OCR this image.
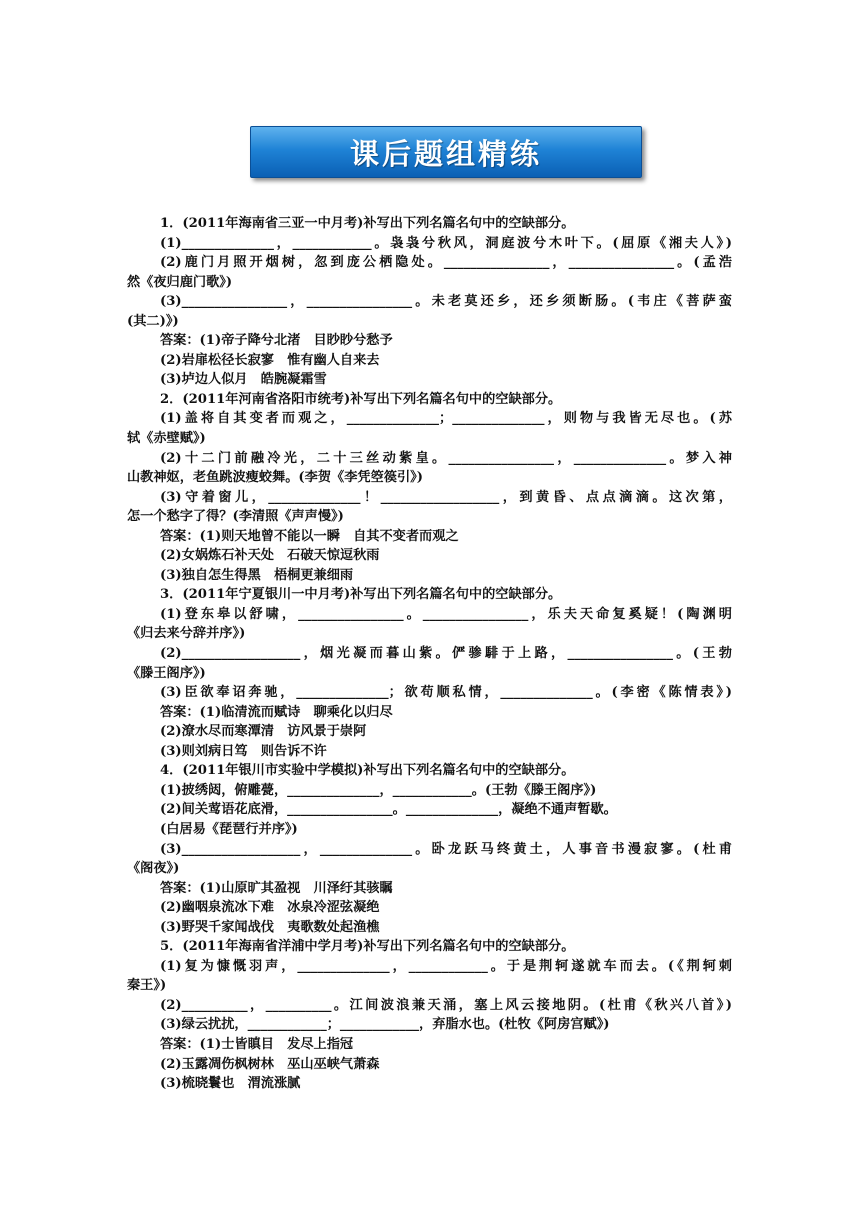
课后题组精练
1．(2011年海南省三亚一中月考)补写出下列名篇名句中的空缺部分。
(1)______________，____________。袅袅兮秋风，洞庭波兮木叶下。(屈原《湘夫人》)
(2)鹿门月照开烟树，忽到庞公栖隐处。________________，________________。(孟浩
然《夜归鹿门歌》)
(3)________________，________________。未老莫还乡，还乡须断肠。(韦庄《菩萨蛮
(其二)》)
答案：(1)帝子降兮北渚　目眇眇兮愁予
(2)岩扉松径长寂寥　惟有幽人自来去
(3)垆边人似月　皓腕凝霜雪
2．(2011年河南省洛阳市统考)补写出下列名篇名句中的空缺部分。
(1)盖将自其变者而观之，______________；______________，则物与我皆无尽也。(苏
轼《赤壁赋》)
(2)十二门前融冷光，二十三丝动紫皇。________________，______________。梦入神
山教神妪，老鱼跳波瘦蛟舞。(李贺《李凭箜篌引》)
(3)守着窗儿，______________！__________________，到黄昏、点点滴滴。这次第，
怎一个愁字了得？(李清照《声声慢》)
答案：(1)则天地曾不能以一瞬　自其不变者而观之
(2)女娲炼石补天处　石破天惊逗秋雨
(3)独自怎生得黑　梧桐更兼细雨
3．(2011年宁夏银川一中月考)补写出下列名篇名句中的空缺部分。
(1)登东皋以舒啸，________________。________________，乐夫天命复奚疑！(陶渊明
《归去来兮辞并序》)
(2)__________________，烟光凝而暮山紫。俨骖騑于上路，________________。(王勃
《滕王阁序》)
(3)臣欲奉诏奔驰，______________；欲苟顺私情，______________。(李密《陈情表》)
答案：(1)临清流而赋诗　聊乘化以归尽
(2)潦水尽而寒潭清　访风景于崇阿
(3)则刘病日笃　则告诉不许
4．(2011年银川市实验中学模拟)补写出下列名篇名句中的空缺部分。
(1)披绣闼，俯雕甍，______________，____________。(王勃《滕王阁序》)
(2)间关莺语花底滑，________________。______________，凝绝不通声暂歇。
(白居易《琵琶行并序》)
(3)__________________，______________。卧龙跃马终黄土，人事音书漫寂寥。(杜甫
《阁夜》)
答案：(1)山原旷其盈视　川泽纡其骇瞩
(2)幽咽泉流冰下难　冰泉冷涩弦凝绝
(3)野哭千家闻战伐　夷歌数处起渔樵
5．(2011年海南省洋浦中学月考)补写出下列名篇名句中的空缺部分。
(1)复为慷慨羽声，______________，____________。于是荆轲遂就车而去。(《荆轲刺
秦王》)
(2)__________，__________。江间波浪兼天涌，塞上风云接地阴。(杜甫《秋兴八首》)
(3)绿云扰扰，____________；____________，弃脂水也。(杜牧《阿房宫赋》)
答案：(1)士皆瞋目　发尽上指冠
(2)玉露凋伤枫树林　巫山巫峡气萧森
(3)梳晓鬟也　渭流涨腻
